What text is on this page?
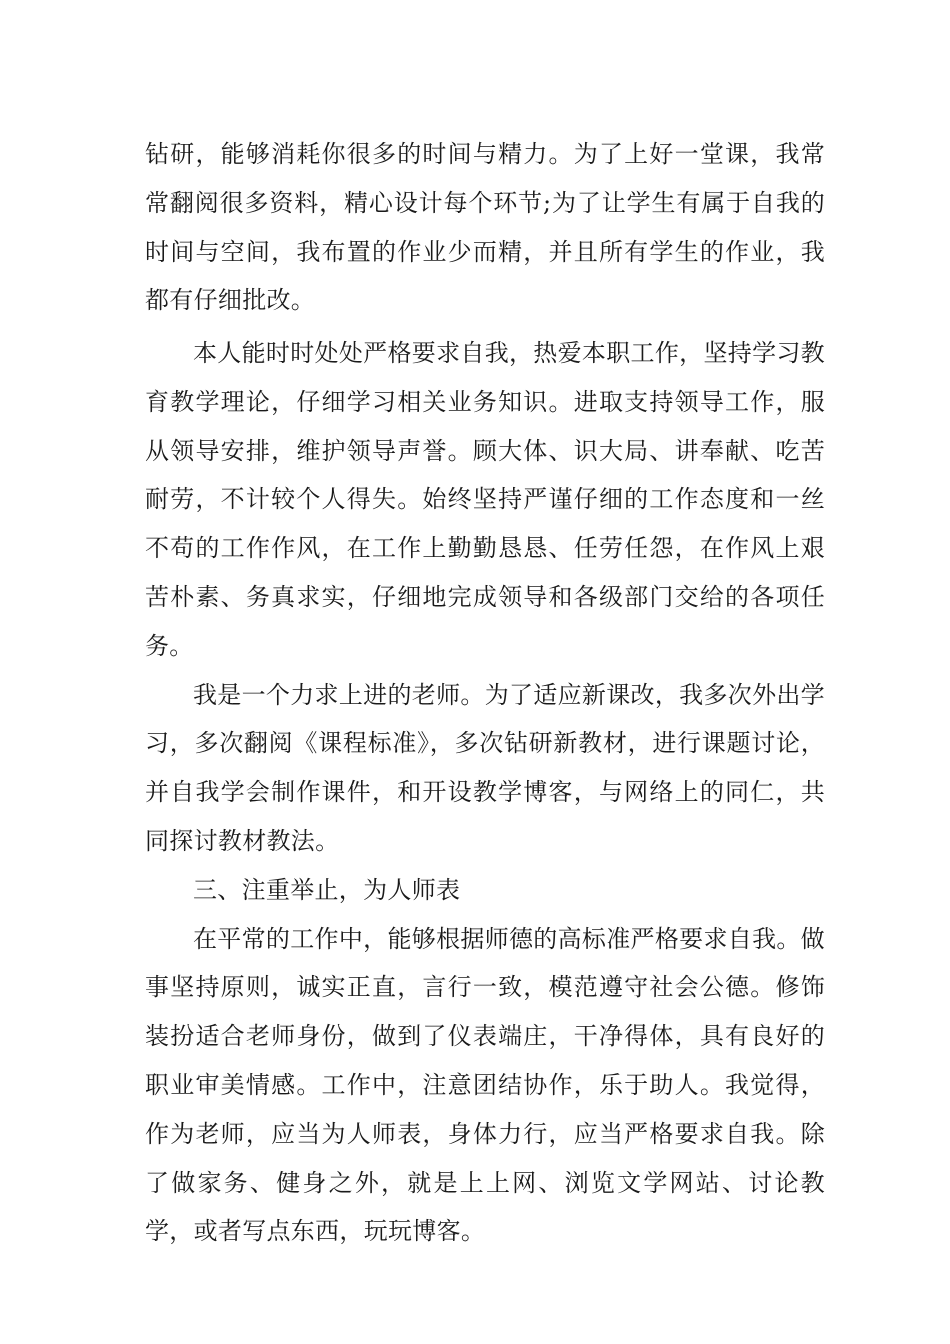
钻研，能够消耗你很多的时间与精力。为了上好一堂课，我常常翻阅很多资料，精心设计每个环节;为了让学生有属于自我的时间与空间，我布置的作业少而精，并且所有学生的作业，我都有仔细批改。

本人能时时处处严格要求自我，热爱本职工作，坚持学习教育教学理论，仔细学习相关业务知识。进取支持领导工作，服从领导安排，维护领导声誉。顾大体、识大局、讲奉献、吃苦耐劳，不计较个人得失。始终坚持严谨仔细的工作态度和一丝不苟的工作作风，在工作上勤勤恳恳、任劳任怨，在作风上艰苦朴素、务真求实，仔细地完成领导和各级部门交给的各项任务。

我是一个力求上进的老师。为了适应新课改，我多次外出学习，多次翻阅《课程标准》，多次钻研新教材，进行课题讨论，并自我学会制作课件，和开设教学博客，与网络上的同仁，共同探讨教材教法。

三、注重举止，为人师表

在平常的工作中，能够根据师德的高标准严格要求自我。做事坚持原则，诚实正直，言行一致，模范遵守社会公德。修饰装扮适合老师身份，做到了仪表端庄，干净得体，具有良好的职业审美情感。工作中，注意团结协作，乐于助人。我觉得，作为老师，应当为人师表，身体力行，应当严格要求自我。除了做家务、健身之外，就是上上网、浏览文学网站、讨论教学，或者写点东西，玩玩博客。
